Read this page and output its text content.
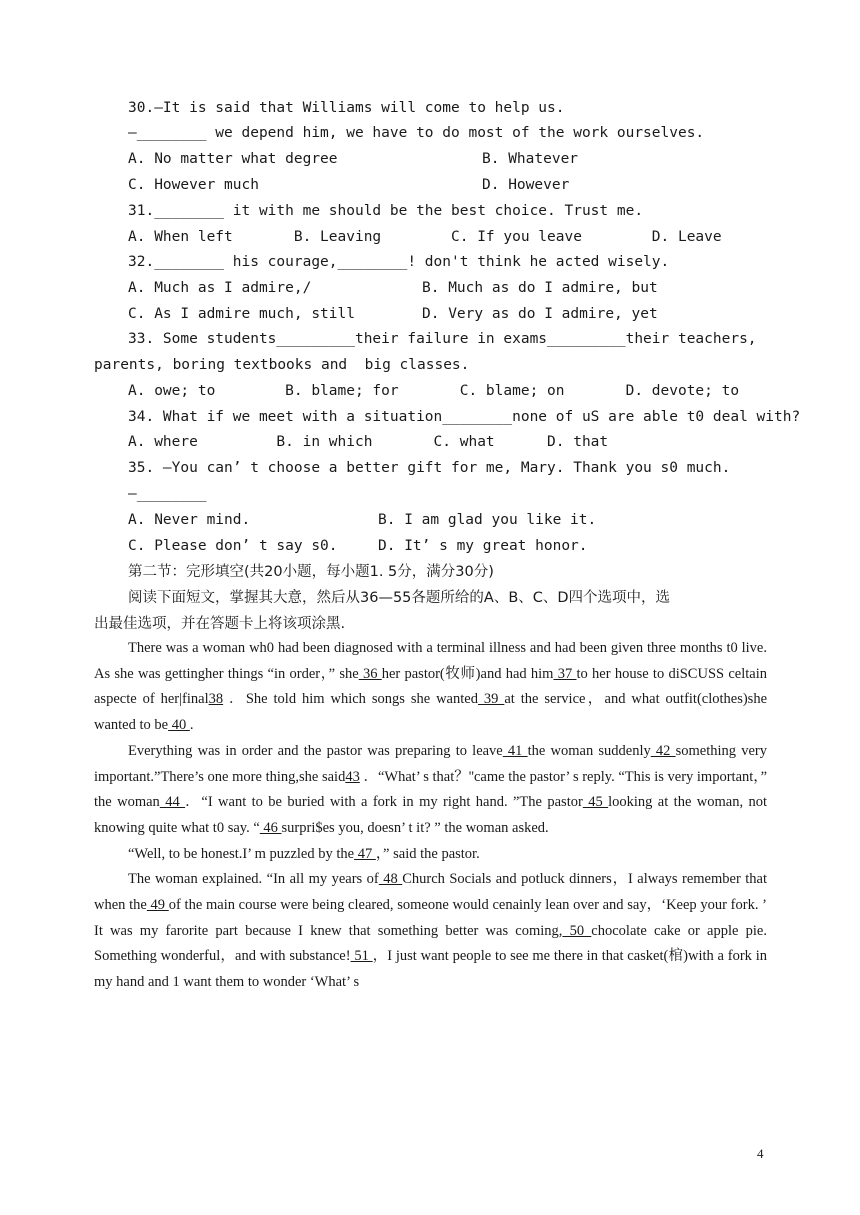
30.—It is said that Williams will come to help us.
—________ we depend him, we have to do most of the work ourselves.
A. No matter what degree	B. Whatever
C. However much	D. However
31.________ it with me should be the best choice. Trust me.
A. When left       B. Leaving        C. If you leave        D. Leave
32.________ his courage,________! don't think he acted wisely.
A. Much as I admire,/	B. Much as do I admire, but
C. As I admire much, still	D. Very as do I admire, yet
33. Some students_________their failure in exams_________their teachers,
parents, boring textbooks and  big classes.
A. owe; to        B. blame; for       C. blame; on       D. devote; to
34. What if we meet with a situation________none of uS are able t0 deal with?
A. where         B. in which       C. what      D. that
35. —You can’ t choose a better gift for me, Mary. Thank you s0 much.
—________
A. Never mind.	B. I am glad you like it.
C. Please don’ t say s0.	D. It’ s my great honor.
第二节：完形填空(共20小题，每小题1. 5分，满分30分)
阅读下面短文，掌握其大意，然后从36—55各题所给的A、B、C、D四个选项中，选
出最佳选项，并在答题卡上将该项涂黑.

There was a woman wh0 had been diagnosed with a terminal illness and had been given three months t0 live. As she was gettingher things “in order，” she 36 her pastor(牧师)and had him 37 to her house to diSCUSS celtain aspecte of her|final38 ．She told him which songs she wanted 39 at the service，and what outfit(clothes)she wanted to be 40 .

Everything was in order and the pastor was preparing to leave 41 the woman suddenly 42 something very important.”There’s one more thing,she said43 ．“What’ s that？''came the pastor’ s reply. “This is very important，” the woman 44 ．“I want to be buried with a fork in my right hand. ”The pastor 45 looking at the woman, not knowing quite what t0 say. “ 46 surpri$es you, doesn’ t it? ” the woman asked.

“Well, to be honest.I’ m puzzled by the 47 ，” said the pastor.

The woman explained. “In all my years of 48 Church Socials and potluck dinners，I always remember that when the 49 of the main course were being cleared, someone would cenainly lean over and say，‘Keep your fork. ’ It was my farorite part because I knew that something better was coming, 50 chocolate cake or apple pie. Something wonderful，and with substance! 51 ，I just want people to see me there in that casket(棺)with a fork in my hand and 1 want them to wonder ‘What’ s

4
